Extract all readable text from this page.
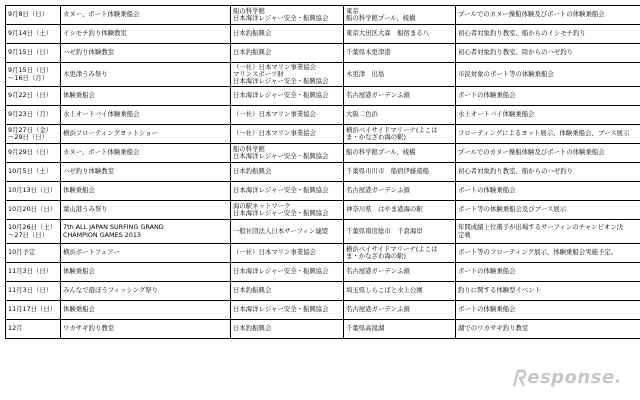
9月8日（日）	カヌー、ボート体験乗船会	船の科学館
日本海洋レジャー安全・振興協会	東京
船の科学館プール、桟橋	プールでのカヌー操船体験及びボートの体験乗船会

9月14日（土）	イシモチ釣り体験教室	日本釣振興会	東京大田区大森　船宿まる八	初心者対象釣り教室、船からのイシモチ釣り

9月15日（日）	ハゼ釣り体験教室	日本釣振興会	千葉県木更津港	初心者対象釣り教室、陸からのハゼ釣り

9月15日（日）
～16日（月）	木更津うみ祭り	（一社）日本マリン事業協会
マリンスポーツ財
日本海洋レジャー安全・振興協会	木更津　出島	市民対象のボート等の体験乗船会

9月22日（日）	体験乗船会	日本海洋レジャー安全・振興協会	名古屋港ガーデンふ頭	ボートの体験乗船会

9月23日（月）	水上オートバイ体験乗船会	（一社）日本マリン事業協会	大阪二色浜	水上オートバイ体験乗船会

9月27日（金）
～29日（日）	横浜フローティングヨットショー	（一社）日本マリン事業協会	横浜ベイサイドマリーナ(よこは
ま・かなざわ海の駅)	フローティングによるヨット展示、体験乗船会、ブース展示

9月29日（日）	カヌー、ボート体験乗船会	船の科学館
日本海洋レジャー安全・振興協会	船の科学館プール、桟橋	プールでのカヌー操船体験及びボートの体験乗船会

10月5日（土）	ハゼ釣り体験教室	日本釣振興会	千葉県市川市　船宿伊藤遊船	初心者対象釣り教室、船からのハゼ釣り

10月13日（日）	体験乗船会	日本海洋レジャー安全・振興協会	名古屋港ガーデンふ頭	ボートの体験乗船会

10月20日（日）	葉山港うみ祭り	海の駅ネットワーク
日本海洋レジャー安全・振興協会	神奈川県　はやま港海の駅	ボート等の体験乗船会及びブース展示

10月26日（土）
～27日（日）	7th ALL JAPAN SURFING GRAND
CHAMPION GAMES 2013	一般社団法人日本サーフィン連盟	千葉県南房総市　千倉海岸	年間成績上位選手が出場するサーフィンのチャンピオン決
定戦

10月予定	横浜ボートフェアー	（一社）日本マリン事業協会	横浜ベイサイドマリーナ(よこは
ま・かなざわ海の駅)	ボート等のフローティング展示、体験乗船会実施予定。

11月3日（日）	体験乗船会	日本海洋レジャー安全・振興協会	名古屋港ガーデンふ頭	ボートの体験乗船会

11月3日（日）	みんなで遊ぼうフィッシング祭り	日本釣振興会	埼玉県しらこばと水上公園	釣りに関する体験型イベント

11月17日（日）	体験乗船会	日本海洋レジャー安全・振興協会	名古屋港ガーデンふ頭	ボートの体験乗船会

12月	ワカサギ釣り教室	日本釣振興会	千葉県高滝湖	湖でのワカサギ釣り教室
esponse.
